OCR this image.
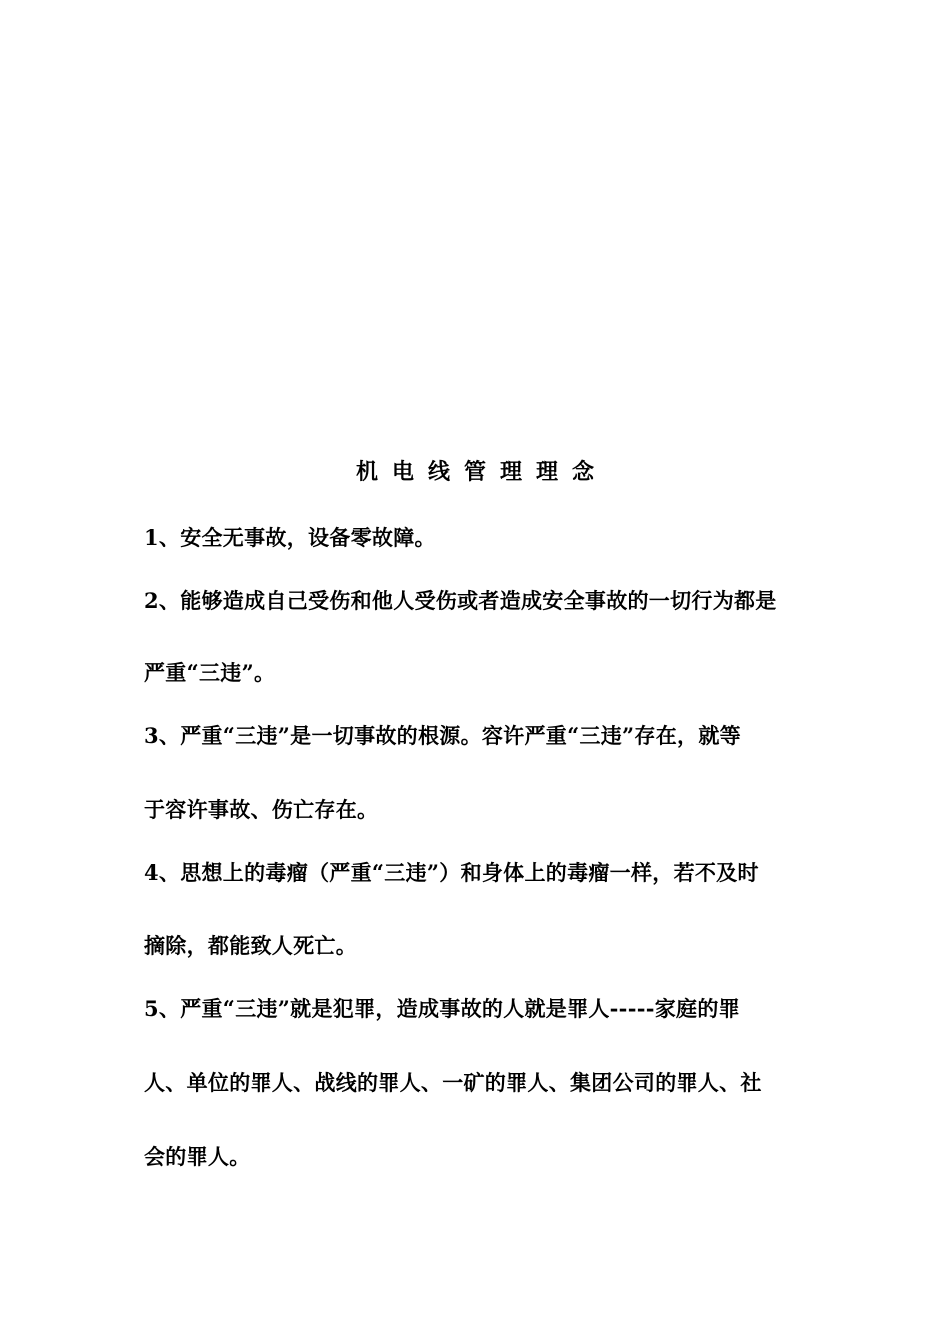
机电线管理理念
1、安全无事故，设备零故障。
2、能够造成自己受伤和他人受伤或者造成安全事故的一切行为都是
严重“三违”。
3、严重“三违”是一切事故的根源。容许严重“三违”存在，就等
于容许事故、伤亡存在。
4、思想上的毒瘤（严重“三违”）和身体上的毒瘤一样，若不及时
摘除，都能致人死亡。
5、严重“三违”就是犯罪，造成事故的人就是罪人-----家庭的罪
人、单位的罪人、战线的罪人、一矿的罪人、集团公司的罪人、社
会的罪人。
